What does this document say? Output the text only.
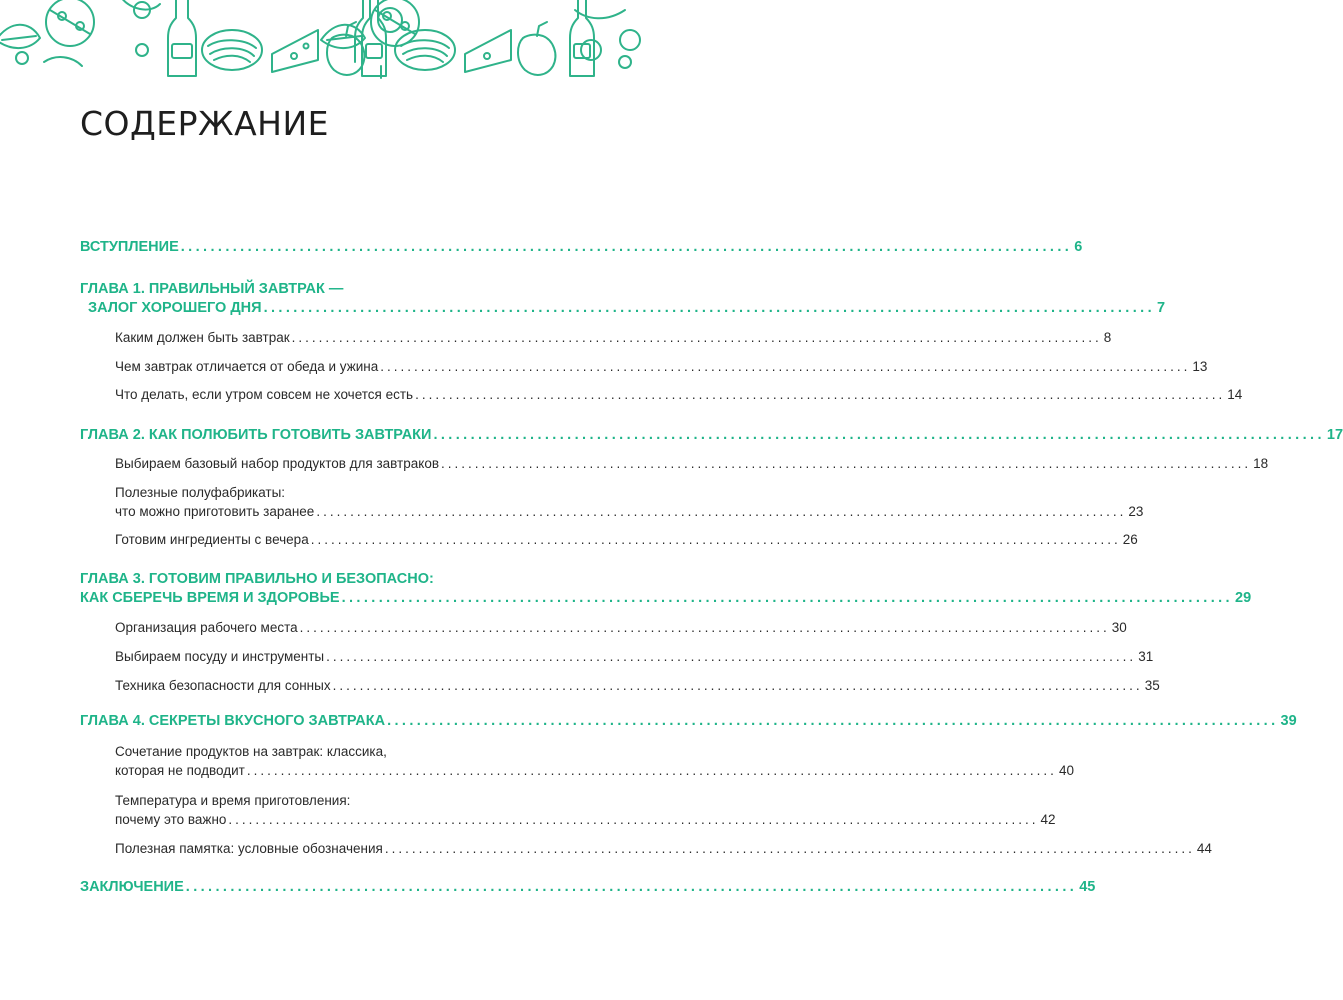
СОДЕРЖАНИЕ
ВСТУПЛЕНИЕ ........................................................................................................................ 6
ГЛАВА 1. ПРАВИЛЬНЫЙ ЗАВТРАК —
ЗАЛОГ ХОРОШЕГО ДНЯ ........................................................................................................................ 7
Каким должен быть завтрак ........................................................................................................................ 8
Чем завтрак отличается от обеда и ужина ........................................................................................................................ 13
Что делать, если утром совсем не хочется есть ........................................................................................................................ 14
ГЛАВА 2. КАК ПОЛЮБИТЬ ГОТОВИТЬ ЗАВТРАКИ ........................................................................................................................ 17
Выбираем базовый набор продуктов для завтраков ........................................................................................................................ 18
Полезные полуфабрикаты:
что можно приготовить заранее ........................................................................................................................ 23
Готовим ингредиенты с вечера ........................................................................................................................ 26
ГЛАВА 3. ГОТОВИМ ПРАВИЛЬНО И БЕЗОПАСНО:
КАК СБЕРЕЧЬ ВРЕМЯ И ЗДОРОВЬЕ ........................................................................................................................ 29
Организация рабочего места ........................................................................................................................ 30
Выбираем посуду и инструменты ........................................................................................................................ 31
Техника безопасности для сонных ........................................................................................................................ 35
ГЛАВА 4. СЕКРЕТЫ ВКУСНОГО ЗАВТРАКА ........................................................................................................................ 39
Сочетание продуктов на завтрак: классика,
которая не подводит ........................................................................................................................ 40
Температура и время приготовления:
почему это важно ........................................................................................................................ 42
Полезная памятка: условные обозначения ........................................................................................................................ 44
ЗАКЛЮЧЕНИЕ ........................................................................................................................ 45
